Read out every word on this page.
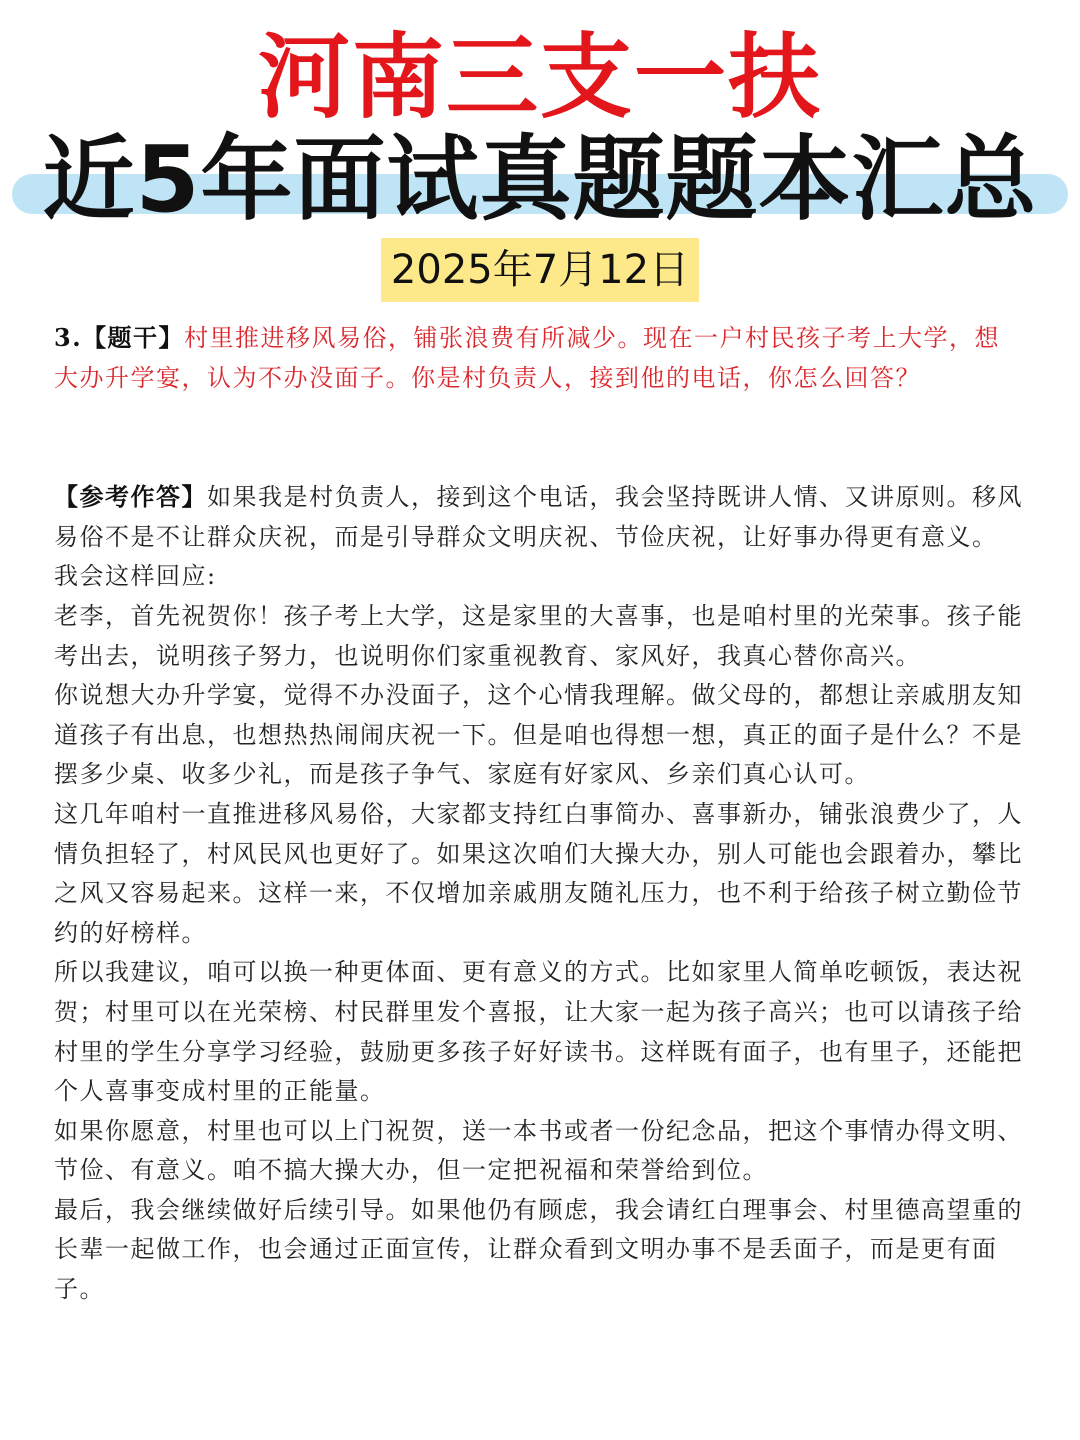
河南三支一扶
近5年面试真题题本汇总
2025年7月12日

3.【题干】村里推进移风易俗，铺张浪费有所减少。现在一户村民孩子考上大学，想大办升学宴，认为不办没面子。你是村负责人，接到他的电话，你怎么回答？

【参考作答】如果我是村负责人，接到这个电话，我会坚持既讲人情、又讲原则。移风易俗不是不让群众庆祝，而是引导群众文明庆祝、节俭庆祝，让好事办得更有意义。

我会这样回应:

老李，首先祝贺你！孩子考上大学，这是家里的大喜事，也是咱村里的光荣事。孩子能考出去，说明孩子努力，也说明你们家重视教育、家风好，我真心替你高兴。

你说想大办升学宴，觉得不办没面子，这个心情我理解。做父母的，都想让亲戚朋友知道孩子有出息，也想热热闹闹庆祝一下。但是咱也得想一想，真正的面子是什么？不是摆多少桌、收多少礼，而是孩子争气、家庭有好家风、乡亲们真心认可。

这几年咱村一直推进移风易俗，大家都支持红白事简办、喜事新办，铺张浪费少了，人情负担轻了，村风民风也更好了。如果这次咱们大操大办，别人可能也会跟着办，攀比之风又容易起来。这样一来，不仅增加亲戚朋友随礼压力，也不利于给孩子树立勤俭节约的好榜样。

所以我建议，咱可以换一种更体面、更有意义的方式。比如家里人简单吃顿饭，表达祝贺；村里可以在光荣榜、村民群里发个喜报，让大家一起为孩子高兴；也可以请孩子给村里的学生分享学习经验，鼓励更多孩子好好读书。这样既有面子，也有里子，还能把个人喜事变成村里的正能量。

如果你愿意，村里也可以上门祝贺，送一本书或者一份纪念品，把这个事情办得文明、节俭、有意义。咱不搞大操大办，但一定把祝福和荣誉给到位。

最后，我会继续做好后续引导。如果他仍有顾虑，我会请红白理事会、村里德高望重的长辈一起做工作，也会通过正面宣传，让群众看到文明办事不是丢面子，而是更有面子。
